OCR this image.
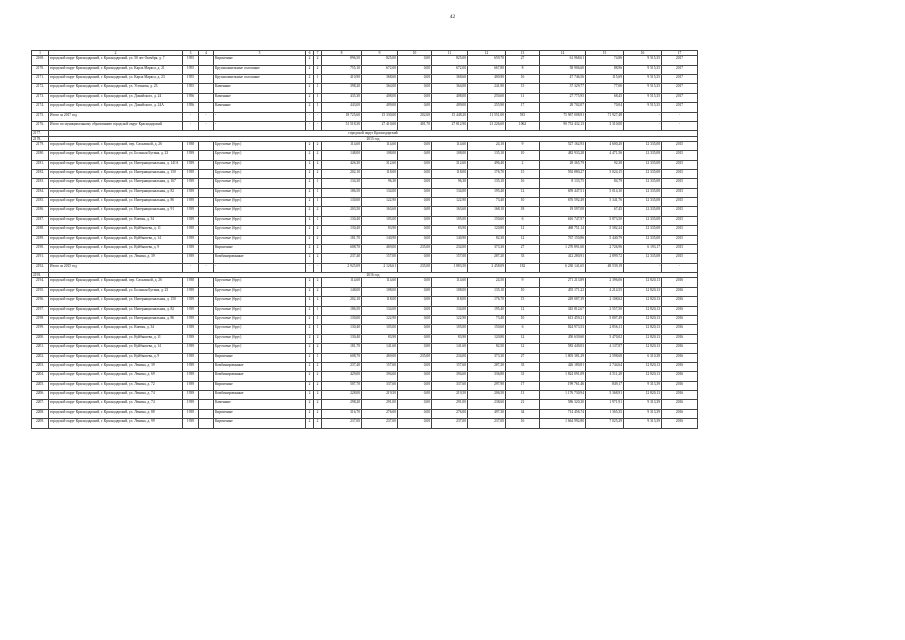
42
1	2	3	4	5	6	7	8	9	10	11	12	13	14	15	16	17
2169.	городской округ Краснодарский, г. Краснодарский, ул. 50 лет Октября, д. 7	1955		Кирпичные	2	2	896,50	825,00	0,00	825,00	659,70	27	61 968,61	74,86	9 515,35	2017
2170.	городской округ Краснодарский, г. Краснодарский, ул. Карла Маркса, д. 21	1955		Крупнопанельные сплошные	2	2	755,10	672,00	0,00	672,00	667,80	8	58 906,60	88,96	9 515,35	2017
2171.	городской округ Краснодарский, г. Краснодарский, ул. Карла Маркса, д. 23	1955		Крупнопанельные сплошные	2	1	410,90	368,60	0,00	368,60	400,90	16	47 746,56	115,69	9 515,35	2017
2172.	городской округ Краснодарский, г. Краснодарский, ул. Устинова, д. 23	1955		Каменные	2	1	398,20	364,00	0,00	364,00	241,90	15	37 329,77	77,06	9 515,35	2017
2173.	городской округ Краснодарский, г. Краснодарский, ул. Докийского, д. 24	1956		Каменные	2	1	435,30	408,00	0,00	408,00	250,60	11	27 775,95	68,45	9 515,35	2017
2174.	городской округ Краснодарский, г. Краснодарский, ул. Докийского, д. 24А	1956		Каменные	2	1	443,00	409,00	0,00	409,00	255,90	17	28 702,07	70,04	9 515,35	2017
2175.	Итого за 2017 год	-	-	-	-	-	18 725,60	15 330,00	202,00	15 448,20	11 551,00	581	75 967 008,91	71 927,48	-	-
2176.	Итого по муниципальному образованию городской округ Краснодарский	-	-	-	-	-	51 518,30	27 410,60	401,70	27 812,90	21 226,60	1062	90 752 432,13	3 310,00	-	-
2177.	городской округ Краснодарский															
2178.	2015 год															
2179.	городской округ Краснодарский, г. Краснодарский, пер. Сахалиной, д. 26	1938		Брусчатые (брус)	2	2	114,60	114,60	0,00	114,60	24,10	9	527 162,93	4 600,20	12 335,08	2015
2180.	городской округ Краснодарский, г. Краснодарский, ул. Большая Бутина, д. 23	1939		Брусчатые (брус)	2	2	148,00	108,00	0,00	108,00	135,10	10	482 933,28	4 471,56	12 335,08	2015
2181.	городской округ Краснодарский, г. Краснодарский, ул. Интернациональная, д. 141А	1939		Брусчатые (брус)	2	2	426,30	312,60	0,00	312,60	496,40	2	28 365,79	92,30	12 335,08	2015
2182.	городской округ Краснодарский, г. Краснодарский, ул. Интернациональная, д. 150	1939		Брусчатые (брус)	2	2	202,10	118,00	0,00	118,00	176,70	15	592 880,27	5 024,15	12 335,08	2015
2183.	городской округ Краснодарский, г. Краснодарский, ул. Интернациональная, д. 167	1939		Брусчатые (брус)	2	1	134,30	96,30	0,00	96,30	135,10	16	8 133,75	84,79	12 335,08	2015
2184.	городской округ Краснодарский, г. Краснодарский, ул. Интернациональная, д. 82	1939		Брусчатые (брус)	2	1	186,50	134,00	0,00	134,00	195,40	12	659 447,51	5 014,10	12 335,08	2015
2185.	городской округ Краснодарский, г. Краснодарский, ул. Интернациональная, д. 86	1939		Брусчатые (брус)	2	1	130,00	122,90	0,00	122,90	73,40	10	676 592,49	5 341,76	12 335,08	2015
2186.	городской округ Краснодарский, г. Краснодарский, ул. Интернациональная, д. 91	1939		Брусчатые (брус)	2	2	203,50	163,60	0,00	163,60	168,10	18	19 597,08	67,45	12 335,08	2015
2187.	городской округ Краснодарский, г. Краснодарский, ул. Киевая, д. 34	1939		Брусчатые (брус)	2	1	130,40	105,00	0,00	105,00	150,60	6	616 747,97	5 873,50	12 335,08	2015
2188.	городской округ Краснодарский, г. Краснодарский, ул. Куйбышева, д. 11	1939		Брусчатые (брус)	2	2	130,40	83,90	0,00	83,90	120,80	12	468 751,14	5 582,24	12 335,08	2015
2189.	городской округ Краснодарский, г. Краснодарский, ул. Куйбышева, д. 14	1939		Брусчатые (брус)	2	2	181,70	140,90	0,00	140,90	82,30	12	767 150,86	5 440,79	12 335,08	2015
2190.	городской округ Краснодарский, г. Краснодарский, ул. Куйбышева, д. 9	1939		Кирпичные	2	2	608,70	469,00	235,00	234,00	373,30	27	1 270 891,60	2 726,96	6 193,17	2015
2191.	городской округ Краснодарский, г. Краснодарский, ул. Ленина, д. 39	1939		Комбинированные	2	2	237,40	157,00	0,00	157,00	287,20	33	412 280,91	2 899,72	12 335,08	2015
2192.	Итого за 2015 год	-	-	-	-	-	2 925,09	2 126,61	235,00	1 883,50	2 458,09	182	6 230 141,65	48 539,19	-	-
2193.	2016 год															
2194.	городской округ Краснодарский, г. Краснодарский, пер. Сахалиной, д. 26	1938		Брусчатые (брус)	2	2	114,60	114,60	0,00	114,60	24,50	9	271 213,89	2 396,06	12 820,13	2016
2195.	городской округ Краснодарский, г. Краснодарский, ул. Большая Бутина, д. 23	1939		Брусчатые (брус)	2	2	148,00	108,00	0,00	108,00	135,10	10	455 171,22	4 214,55	12 820,13	2016
2196.	городской округ Краснодарский, г. Краснодарский, ул. Интернациональная, д. 150	1939		Брусчатые (брус)	2	2	202,10	118,00	0,00	118,00	176,70	15	249 087,39	2 108,62	12 820,13	2016
2197.	городской округ Краснодарский, г. Краснодарский, ул. Интернациональная, д. 82	1939		Брусчатые (брус)	2	1	186,50	134,00	0,00	134,00	195,40	12	345 812,67	2 557,50	12 820,13	2016
2198.	городской округ Краснодарский, г. Краснодарский, ул. Интернациональная, д. 86	1939		Брусчатые (брус)	2	1	130,00	122,90	0,00	122,90	73,40	10	613 459,21	5 007,49	12 820,13	2016
2199.	городской округ Краснодарский, г. Краснодарский, ул. Киевая, д. 34	1939		Брусчатые (брус)	2	1	130,40	105,00	0,00	105,00	150,60	6	824 973,53	2 856,11	12 820,13	2016
2200.	городской округ Краснодарский, г. Краснодарский, ул. Куйбышева, д. 11	1939		Брусчатые (брус)	2	2	130,40	83,90	0,00	83,90	120,80	12	450 639,60	5 470,02	12 820,13	2016
2201.	городской округ Краснодарский, г. Краснодарский, ул. Куйбышева, д. 14	1939		Брусчатые (брус)	2	2	181,70	141,60	0,00	141,60	82,50	12	583 449,03	4 137,87	12 820,13	2016
2202.	городской округ Краснодарский, г. Краснодарский, ул. Куйбышева, д. 9	1939		Кирпичные	2	1	608,70	469,00	235,00	234,00	373,30	27	1 803 381,29	2 598,68	6 310,38	2016
2203.	городской округ Краснодарский, г. Краснодарский, ул. Ленина, д. 39	1939		Комбинированные	2	2	237,40	157,60	0,00	157,60	287,20	33	426 180,81	2 744,64	12 820,13	2016
2204.	городской округ Краснодарский, г. Краснодарский, ул. Ленина, д. 69	1939		Комбинированные	2	2	429,00	394,60	0,00	394,60	336,80	31	1 824 091,09	4 511,20	12 820,13	2016
2205.	городской округ Краснодарский, г. Краснодарский, ул. Ленина, д. 72	1939		Кирпичные	2	2	507,70	337,60	0,00	337,60	297,90	17	199 761,46	849,17	9 313,39	2016
2206.	городской округ Краснодарский, г. Краснодарский, ул. Ленина, д. 74	1939		Комбинированные	2	2	228,00	219,50	0,00	219,50	206,50	13	1 176 730,94	5 368,91	12 820,13	2016
2207.	городской округ Краснодарский, г. Краснодарский, ул. Ленина, д. 74	1939		Каменные	2	2	298,20	291,00	0,00	291,00	238,60	21	586 320,30	1 971,91	9 313,39	2016
2208.	городской округ Краснодарский, г. Краснодарский, ул. Ленина, д. 88	1939		Кирпичные	2	2	316,70	276,00	0,00	276,00	497,30	34	714 456,74	1 365,35	9 313,39	2016
2209.	городской округ Краснодарский, г. Краснодарский, ул. Ленина, д. 99	1939		Кирпичные	2	2	237,00	237,00	0,00	237,00	237,00	16	1 664 992,80	7 025,29	9 313,39	2016
